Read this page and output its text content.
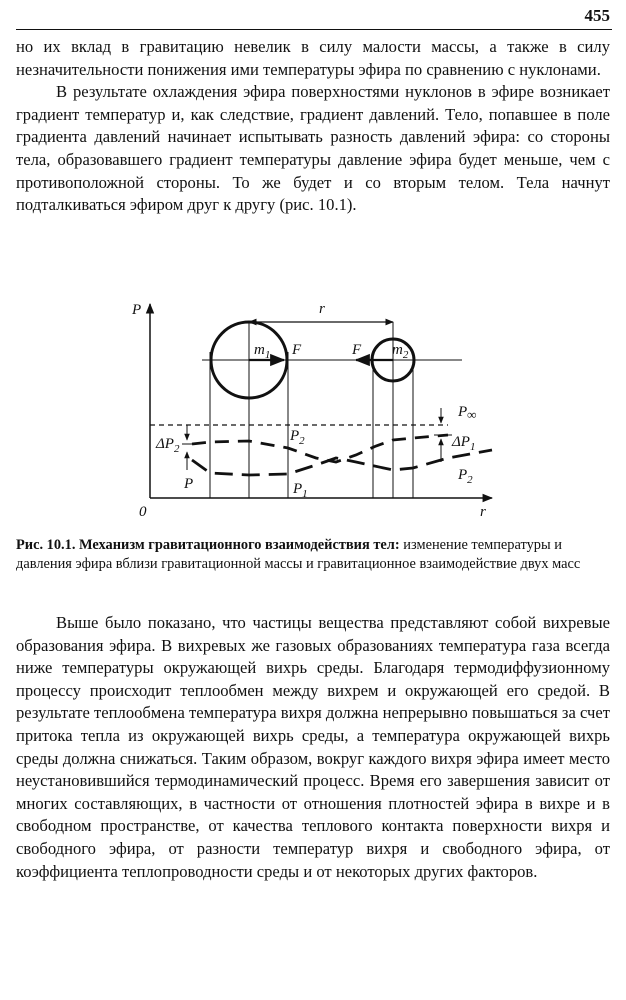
455

но их вклад в гравитацию невелик в силу малости массы, а также в силу незначительности понижения ими температуры эфира по сравнению с нуклонами.

В результате охлаждения эфира поверхностями нуклонов в эфире возникает градиент температур и, как следствие, градиент давлений. Тело, попавшее в поле градиента давлений начинает испытывать разность давлений эфира: со стороны тела, образовавшего градиент температуры давление эфира будет меньше, чем с противоположной стороны. То же будет и со вторым телом. Тела начнут подталкиваться эфиром друг к другу (рис. 10.1).

r
$m_1$	$m_2$
F	F
P
r
0
P∞
$\Delta P_1$
$\Delta P_2$
$P_2$
$P_1$
P
$P_2$
Рис. 10.1. Механизм гравитационного взаимодействия тел: изменение температуры и давления эфира вблизи гравитационной массы и гравитационное взаимодействие двух масс

Выше было показано, что частицы вещества представляют собой вихревые образования эфира. В вихревых же газовых образованиях температура газа всегда ниже температуры окружающей вихрь среды. Благодаря термодиффузионному процессу происходит теплообмен между вихрем и окружающей его средой. В результате теплообмена температура вихря должна непрерывно повышаться за счет притока тепла из окружающей вихрь среды, а температура окружающей вихрь среды должна снижаться. Таким образом, вокруг каждого вихря эфира имеет место неустановившийся термодинамический процесс. Время его завершения зависит от многих составляющих, в частности от отношения плотностей эфира в вихре и в свободном пространстве, от качества теплового контакта поверхности вихря и свободного эфира, от разности температур вихря и свободного эфира, от коэффициента теплопроводности среды и от некоторых других факторов.
